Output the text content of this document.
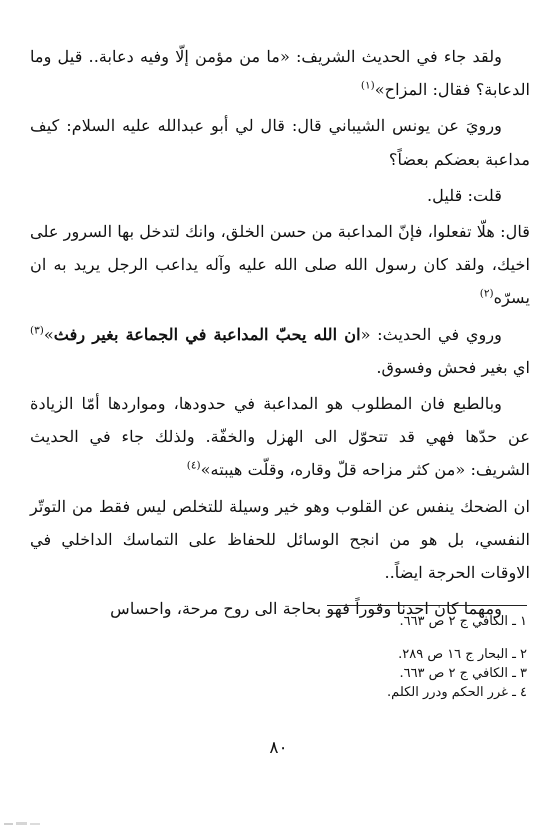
ولقد جاء في الحديث الشريف: «ما من مؤمن إلّا وفيه دعابة.. قيل وما الدعابة؟ فقال: المزاح»$^{(١)}$

ورويَ عن يونس الشيباني قال: قال لي أبو عبدالله عليه السلام: كيف مداعبة بعضكم بعضاً؟

قلت: قليل.

قال: هلّا تفعلوا، فإنّ المداعبة من حسن الخلق، وانك لتدخل بها السرور على اخيك، ولقد كان رسول الله صلى الله عليه وآله يداعب الرجل يريد به ان يسرّه$^{(٢)}$

وروي في الحديث: «ان الله يحبّ المداعبة في الجماعة بغير رفث»$^{(٣)}$ اي بغير فحش وفسوق.

وبالطبع فان المطلوب هو المداعبة في حدودها، ومواردها أمّا الزيادة عن حدّها فهي قد تتحوّل الى الهزل والخفّة. ولذلك جاء في الحديث الشريف: «من كثر مزاحه قلّ وقاره، وقلّت هيبته»$^{(٤)}$

ان الضحك ينفس عن القلوب وهو خير وسيلة للتخلص ليس فقط من التوتّر النفسي، بل هو من انجح الوسائل للحفاظ على التماسك الداخلي في الاوقات الحرجة ايضاً..

ومهما كان احدنا وقوراً فهو بحاجة الى روح مرحة، واحساس

١ ـ الكافي ج ٢ ص ٦٦٣.

٢ ـ البحار ج ١٦ ص ٢٨٩.

٣ ـ الكافي ج ٢ ص ٦٦٣.

٤ ـ غرر الحكم ودرر الكلم.

٨٠
